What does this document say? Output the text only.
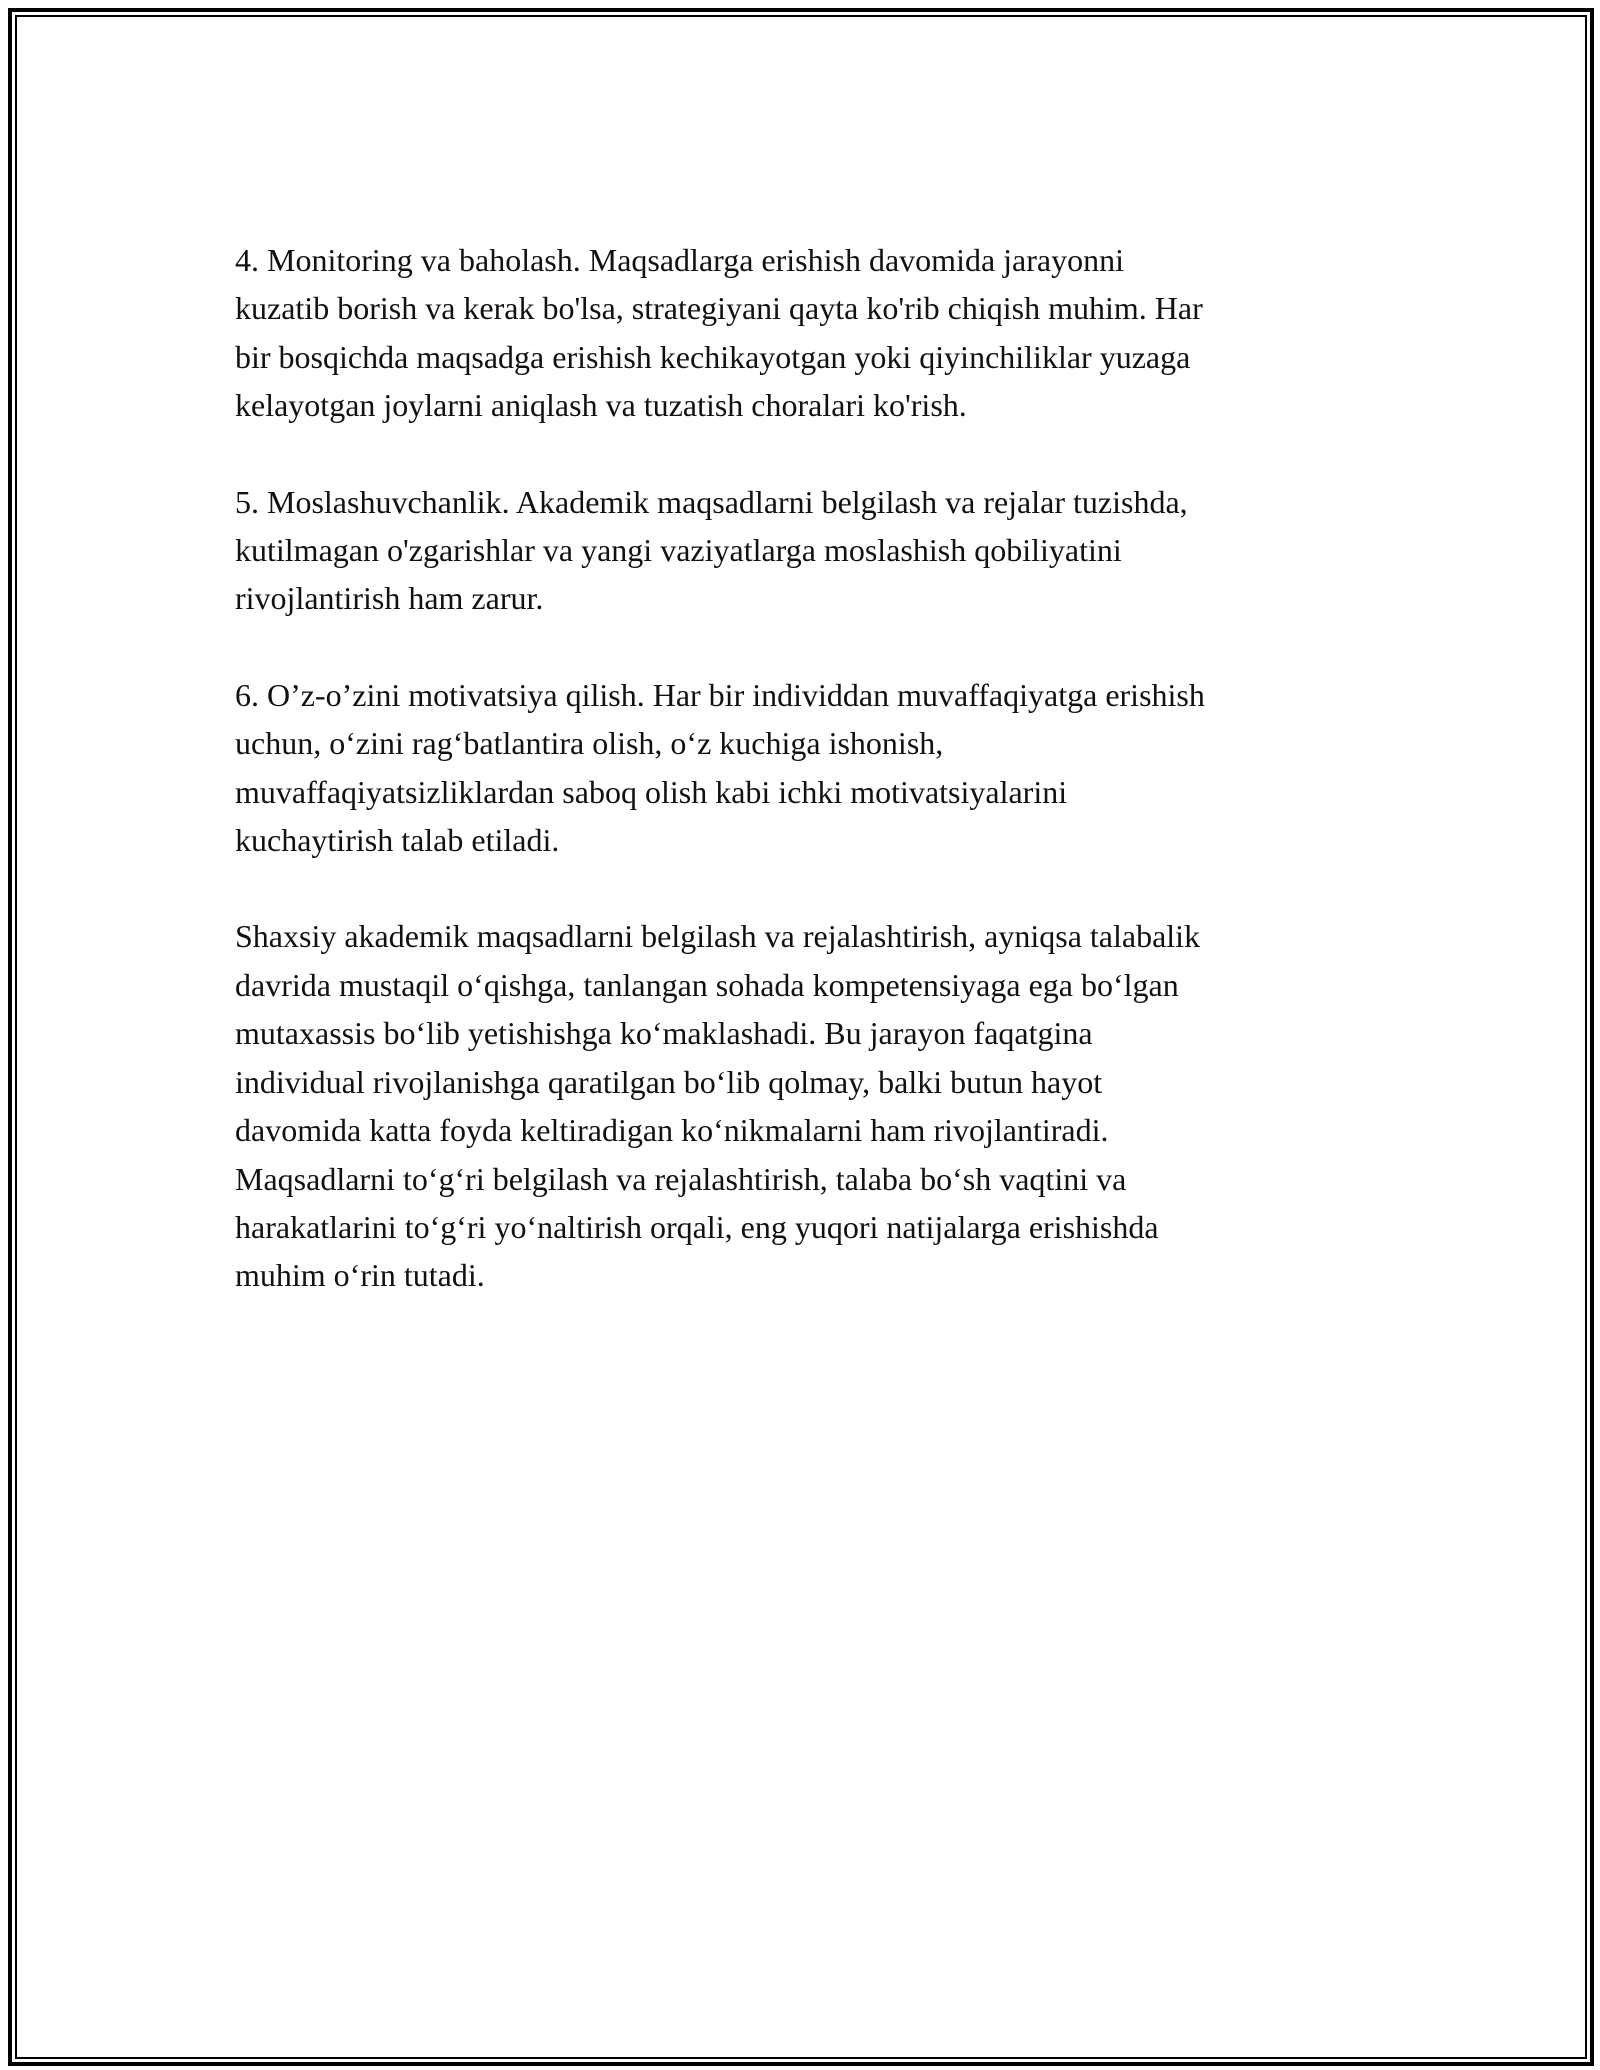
4. Monitoring va baholash. Maqsadlarga erishish davomida jarayonni
kuzatib borish va kerak bo'lsa, strategiyani qayta ko'rib chiqish muhim. Har
bir bosqichda maqsadga erishish kechikayotgan yoki qiyinchiliklar yuzaga
kelayotgan joylarni aniqlash va tuzatish choralari ko'rish.

5. Moslashuvchanlik. Akademik maqsadlarni belgilash va rejalar tuzishda,
kutilmagan o'zgarishlar va yangi vaziyatlarga moslashish qobiliyatini
rivojlantirish ham zarur.

6. O’z-o’zini motivatsiya qilish. Har bir individdan muvaffaqiyatga erishish
uchun, o‘zini rag‘batlantira olish, o‘z kuchiga ishonish,
muvaffaqiyatsizliklardan saboq olish kabi ichki motivatsiyalarini
kuchaytirish talab etiladi.

Shaxsiy akademik maqsadlarni belgilash va rejalashtirish, ayniqsa talabalik
davrida mustaqil o‘qishga, tanlangan sohada kompetensiyaga ega bo‘lgan
mutaxassis bo‘lib yetishishga ko‘maklashadi. Bu jarayon faqatgina
individual rivojlanishga qaratilgan bo‘lib qolmay, balki butun hayot
davomida katta foyda keltiradigan ko‘nikmalarni ham rivojlantiradi.
Maqsadlarni to‘g‘ri belgilash va rejalashtirish, talaba bo‘sh vaqtini va
harakatlarini to‘g‘ri yo‘naltirish orqali, eng yuqori natijalarga erishishda
muhim o‘rin tutadi.
